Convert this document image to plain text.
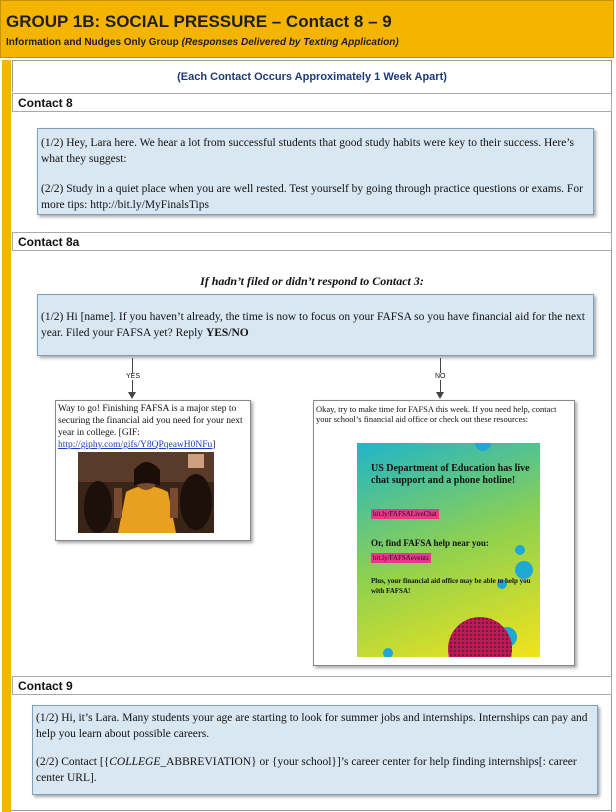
GROUP 1B: SOCIAL PRESSURE – Contact 8 – 9
Information and Nudges Only Group (Responses Delivered by Texting Application)
(Each Contact Occurs Approximately 1 Week Apart)
Contact 8

(1/2) Hey, Lara here. We hear a lot from successful students that good study habits were key to their success. Here’s what they suggest:

(2/2) Study in a quiet place when you are well rested. Test yourself by going through practice questions or exams. For more tips: http://bit.ly/MyFinalsTips

Contact 8a
If hadn’t filed or didn’t respond to Contact 3:

(1/2) Hi [name]. If you haven’t already, the time is now to focus on your FAFSA so you have financial aid for the next year. Filed your FAFSA yet? Reply YES/NO

YES	NO
Way to go! Finishing FAFSA is a major step to securing the financial aid you need for your next year in college. [GIF: http://giphy.com/gifs/Y8QPqeawH0NFu]
Okay, try to make time for FAFSA this week. If you need help, contact your school’s financial aid office or check out these resources:
US Department of Education has live chat support and a phone hotline!
bit.ly/FAFSALiveChat
Or, find FAFSA help near you:
bit.ly/FAFSAevents
Plus, your financial aid office may be able to help you with FAFSA!
Contact 9

(1/2) Hi, it’s Lara. Many students your age are starting to look for summer jobs and internships. Internships can pay and help you learn about possible careers.

(2/2) Contact [{COLLEGE_ABBREVIATION} or {your school}]’s career center for help finding internships[: career center URL].
